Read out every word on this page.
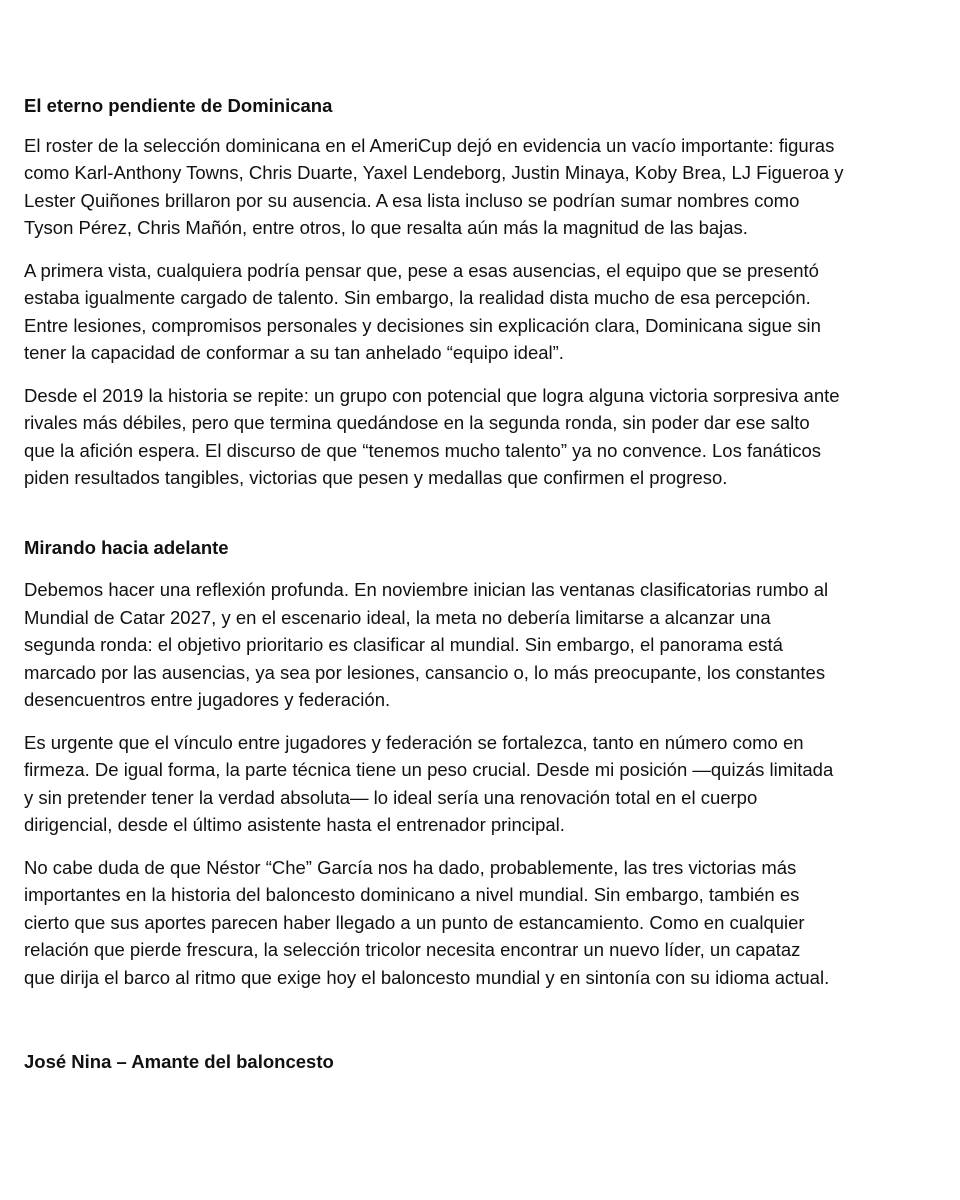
El eterno pendiente de Dominicana

El roster de la selección dominicana en el AmeriCup dejó en evidencia un vacío importante: figuras
como Karl-Anthony Towns, Chris Duarte, Yaxel Lendeborg, Justin Minaya, Koby Brea, LJ Figueroa y
Lester Quiñones brillaron por su ausencia. A esa lista incluso se podrían sumar nombres como
Tyson Pérez, Chris Mañón, entre otros, lo que resalta aún más la magnitud de las bajas.

A primera vista, cualquiera podría pensar que, pese a esas ausencias, el equipo que se presentó
estaba igualmente cargado de talento. Sin embargo, la realidad dista mucho de esa percepción.
Entre lesiones, compromisos personales y decisiones sin explicación clara, Dominicana sigue sin
tener la capacidad de conformar a su tan anhelado “equipo ideal”.

Desde el 2019 la historia se repite: un grupo con potencial que logra alguna victoria sorpresiva ante
rivales más débiles, pero que termina quedándose en la segunda ronda, sin poder dar ese salto
que la afición espera. El discurso de que “tenemos mucho talento” ya no convence. Los fanáticos
piden resultados tangibles, victorias que pesen y medallas que confirmen el progreso.

Mirando hacia adelante

Debemos hacer una reflexión profunda. En noviembre inician las ventanas clasificatorias rumbo al
Mundial de Catar 2027, y en el escenario ideal, la meta no debería limitarse a alcanzar una
segunda ronda: el objetivo prioritario es clasificar al mundial. Sin embargo, el panorama está
marcado por las ausencias, ya sea por lesiones, cansancio o, lo más preocupante, los constantes
desencuentros entre jugadores y federación.

Es urgente que el vínculo entre jugadores y federación se fortalezca, tanto en número como en
firmeza. De igual forma, la parte técnica tiene un peso crucial. Desde mi posición —quizás limitada
y sin pretender tener la verdad absoluta— lo ideal sería una renovación total en el cuerpo
dirigencial, desde el último asistente hasta el entrenador principal.

No cabe duda de que Néstor “Che” García nos ha dado, probablemente, las tres victorias más
importantes en la historia del baloncesto dominicano a nivel mundial. Sin embargo, también es
cierto que sus aportes parecen haber llegado a un punto de estancamiento. Como en cualquier
relación que pierde frescura, la selección tricolor necesita encontrar un nuevo líder, un capataz
que dirija el barco al ritmo que exige hoy el baloncesto mundial y en sintonía con su idioma actual.

José Nina – Amante del baloncesto
